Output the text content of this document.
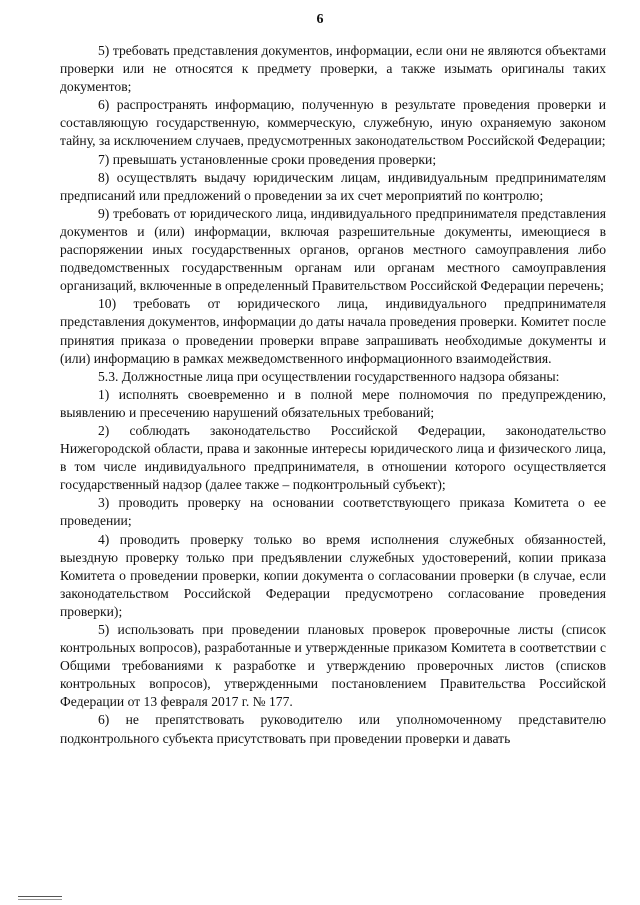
6

5) требовать представления документов, информации, если они не являются объектами проверки или не относятся к предмету проверки, а также изымать оригиналы таких документов;

6) распространять информацию, полученную в результате проведения проверки и составляющую государственную, коммерческую, служебную, иную охраняемую законом тайну, за исключением случаев, предусмотренных законодательством Российской Федерации;

7) превышать установленные сроки проведения проверки;

8) осуществлять выдачу юридическим лицам, индивидуальным предпринимателям предписаний или предложений о проведении за их счет мероприятий по контролю;

9) требовать от юридического лица, индивидуального предпринимателя представления документов и (или) информации, включая разрешительные документы, имеющиеся в распоряжении иных государственных органов, органов местного самоуправления либо подведомственных государственным органам или органам местного самоуправления организаций, включенные в определенный Правительством Российской Федерации перечень;

10) требовать от юридического лица, индивидуального предпринимателя представления документов, информации до даты начала проведения проверки. Комитет после принятия приказа о проведении проверки вправе запрашивать необходимые документы и (или) информацию в рамках межведомственного информационного взаимодействия.

5.3. Должностные лица при осуществлении государственного надзора обязаны:

1) исполнять своевременно и в полной мере полномочия по предупреждению, выявлению и пресечению нарушений обязательных требований;

2) соблюдать законодательство Российской Федерации, законодательство Нижегородской области, права и законные интересы юридического лица и физического лица, в том числе индивидуального предпринимателя, в отношении которого осуществляется государственный надзор (далее также – подконтрольный субъект);

3) проводить проверку на основании соответствующего приказа Комитета о ее проведении;

4) проводить проверку только во время исполнения служебных обязанностей, выездную проверку только при предъявлении служебных удостоверений, копии приказа Комитета о проведении проверки, копии документа о согласовании проверки (в случае, если законодательством Российской Федерации предусмотрено согласование проведения проверки);

5) использовать при проведении плановых проверок проверочные листы (список контрольных вопросов), разработанные и утвержденные приказом Комитета в соответствии с Общими требованиями к разработке и утверждению проверочных листов (списков контрольных вопросов), утвержденными постановлением Правительства Российской Федерации от 13 февраля 2017 г. № 177.

6) не препятствовать руководителю или уполномоченному представителю подконтрольного субъекта присутствовать при проведении проверки и давать
